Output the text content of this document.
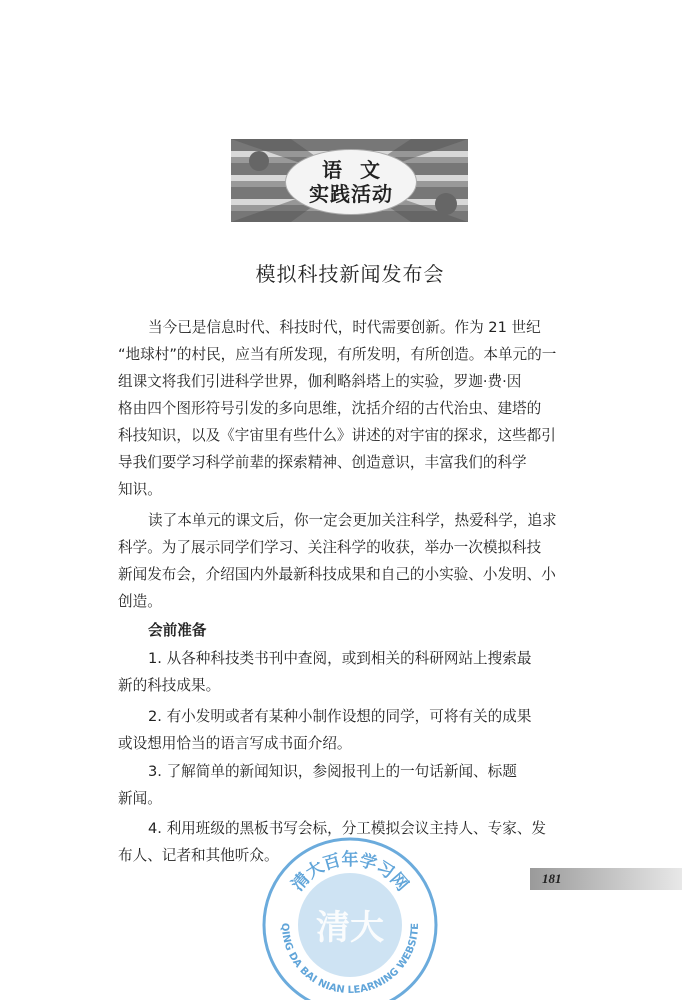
语文
实践活动
模拟科技新闻发布会
当今已是信息时代、科技时代，时代需要创新。作为 21 世纪
“地球村”的村民，应当有所发现，有所发明，有所创造。本单元的一
组课文将我们引进科学世界，伽利略斜塔上的实验，罗迦·费·因
格由四个图形符号引发的多向思维，沈括介绍的古代治虫、建塔的
科技知识，以及《宇宙里有些什么》讲述的对宇宙的探求，这些都引
导我们要学习科学前辈的探索精神、创造意识，丰富我们的科学
知识。
读了本单元的课文后，你一定会更加关注科学，热爱科学，追求
科学。为了展示同学们学习、关注科学的收获，举办一次模拟科技
新闻发布会，介绍国内外最新科技成果和自己的小实验、小发明、小
创造。
会前准备
1. 从各种科技类书刊中查阅，或到相关的科研网站上搜索最
新的科技成果。
2. 有小发明或者有某种小制作设想的同学，可将有关的成果
或设想用恰当的语言写成书面介绍。
3. 了解简单的新闻知识，参阅报刊上的一句话新闻、标题
新闻。
4. 利用班级的黑板书写会标，分工模拟会议主持人、专家、发
布人、记者和其他听众。
181
清大百年学习网
QING DA BAI NIAN LEARNING WEBSITE
清大
